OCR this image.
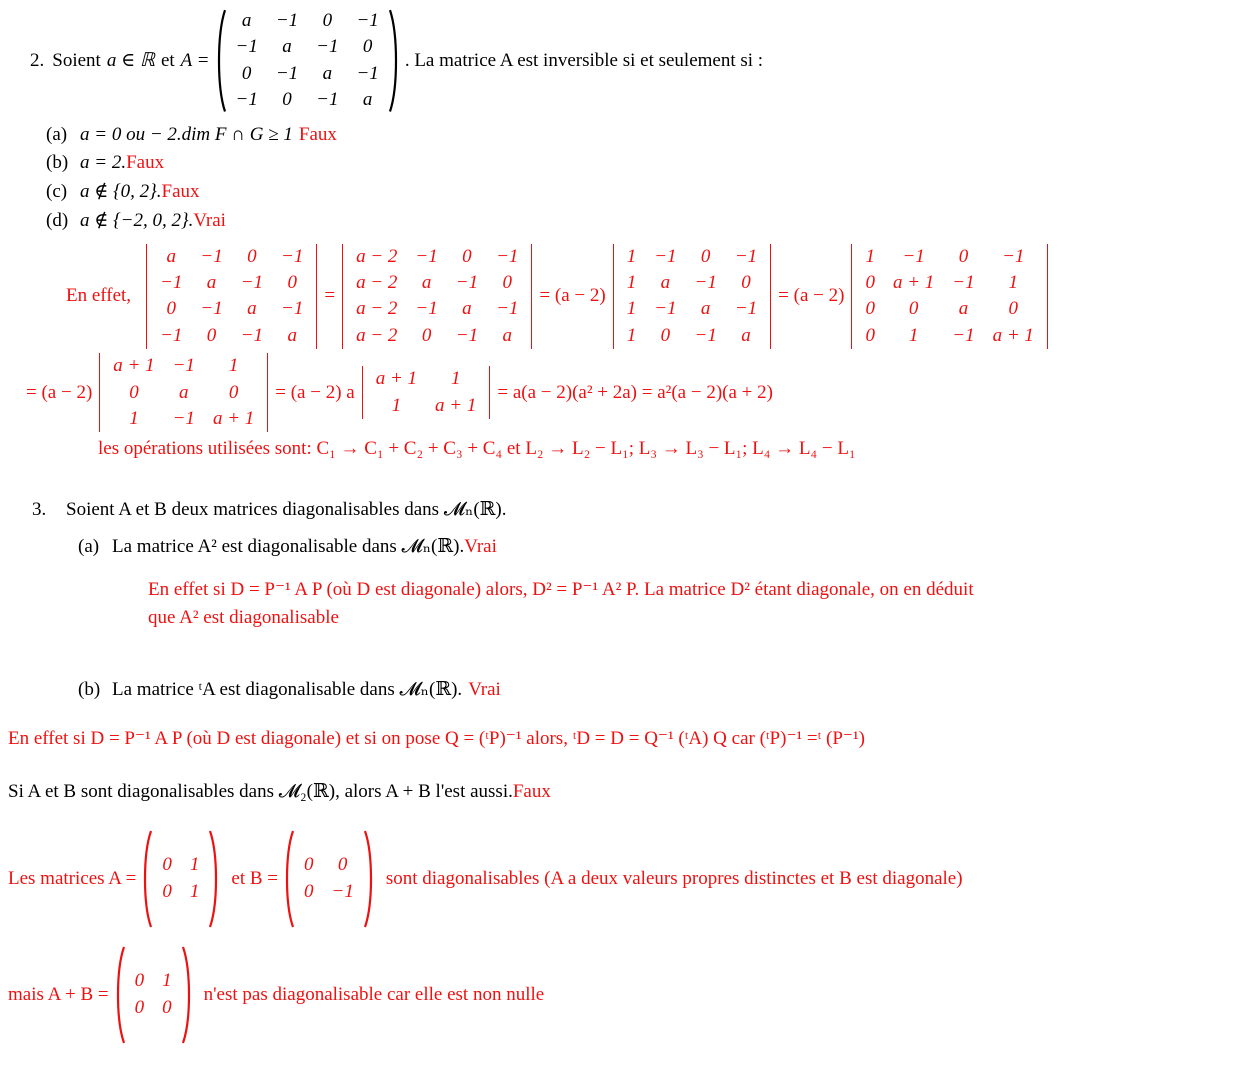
2. Soient a ∈ ℝ et A =
a	−1	0	−1
−1	a	−1	0
0	−1	a	−1
−1	0	−1	a
. La matrice A est inversible si et seulement si :
(a) a = 0 ou − 2.dim F ∩ G ≥ 1 Faux
(b) a = 2. Faux
(c) a ∉ {0, 2}. Faux
(d) a ∉ {−2, 0, 2}. Vrai
En effet,
a	−1	0	−1
−1	a	−1	0
0	−1	a	−1
−1	0	−1	a
=
a − 2	−1	0	−1
a − 2	a	−1	0
a − 2	−1	a	−1
a − 2	0	−1	a
= (a − 2)
1	−1	0	−1
1	a	−1	0
1	−1	a	−1
1	0	−1	a
= (a − 2)
1	−1	0	−1
0	a + 1	−1	1
0	0	a	0
0	1	−1	a + 1
= (a − 2)
a + 1	−1	1
0	a	0
1	−1	a + 1
= (a − 2) a
a + 1	1
1	a + 1
= a(a − 2)(a² + 2a) = a²(a − 2)(a + 2)
les opérations utilisées sont: C₁ → C₁ + C₂ + C₃ + C₄ et L₂ → L₂ − L₁; L₃ → L₃ − L₁; L₄ → L₄ − L₁
3.	Soient A et B deux matrices diagonalisables dans 𝓜ₙ(ℝ).
(a) La matrice A² est diagonalisable dans 𝓜ₙ(ℝ). Vrai
En effet si D = P⁻¹ A P (où D est diagonale) alors, D² = P⁻¹ A² P. La matrice D² étant diagonale, on en déduit
que A² est diagonalisable
(b) La matrice ᵗA est diagonalisable dans 𝓜ₙ(ℝ). Vrai
En effet si D = P⁻¹ A P (où D est diagonale) et si on pose Q = (ᵗP)⁻¹ alors, ᵗD = D = Q⁻¹ (ᵗA) Q car (ᵗP)⁻¹ =ᵗ (P⁻¹)
Si A et B sont diagonalisables dans 𝓜₂(ℝ), alors A + B l'est aussi.Faux
Les matrices A =
0	1
0	1
et B =
0	0
0	−1
sont diagonalisables (A a deux valeurs propres distinctes et B est diagonale)
mais A + B =
0	1
0	0
n'est pas diagonalisable car elle est non nulle
